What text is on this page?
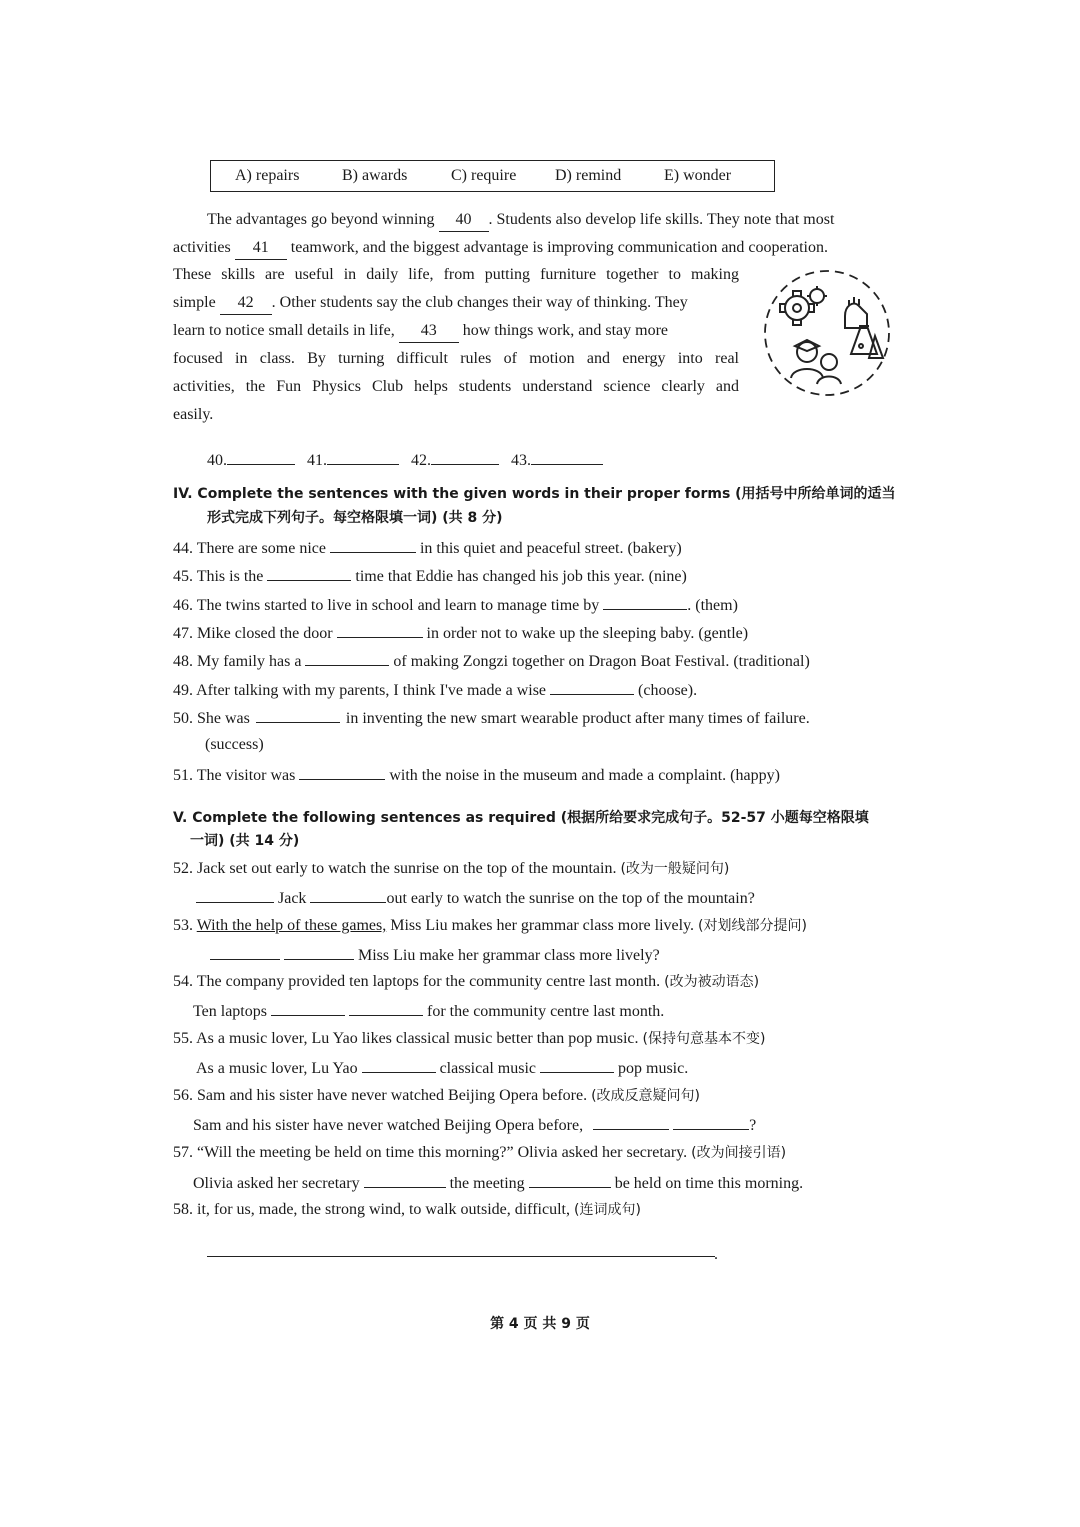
A) repairs	B) awards	C) require D) remind	E) wonder
The advantages go beyond winning 40 . Students also develop life skills. They note that most
activities 41 teamwork, and the biggest advantage is improving communication and cooperation.
These skills are useful in daily life, from putting furniture together to making
simple 42 . Other students say the club changes their way of thinking. They
learn to notice small details in life, 43 how things work, and stay more
focused in class. By turning difficult rules of motion and energy into real
activities, the Fun Physics Club helps students understand science clearly and
easily.
40.	41.	42.	43.
IV. Complete the sentences with the given words in their proper forms (用括号中所给单词的适当
形式完成下列句子。每空格限填一词) (共 8 分)
44. There are some nice	in this quiet and peaceful street. (bakery)
45. This is the	time that Eddie has changed his job this year. (nine)
46. The twins started to live in school and learn to manage time by	. (them)
47. Mike closed the door	in order not to wake up the sleeping baby. (gentle)
48. My family has a	of making Zongzi together on Dragon Boat Festival. (traditional)
49. After talking with my parents, I think I've made a wise	(choose).
50. She was	in inventing the new smart wearable product after many times of failure.
(success)
51. The visitor was	with the noise in the museum and made a complaint. (happy)
V. Complete the following sentences as required (根据所给要求完成句子。52-57 小题每空格限填
一词) (共 14 分)
52. Jack set out early to watch the sunrise on the top of the mountain. (改为一般疑问句)
Jack	out early to watch the sunrise on the top of the mountain?
53. With the help of these games, Miss Liu makes her grammar class more lively. (对划线部分提问)
Miss Liu make her grammar class more lively?
54. The company provided ten laptops for the community centre last month. (改为被动语态)
Ten laptops	for the community centre last month.
55. As a music lover, Lu Yao likes classical music better than pop music. (保持句意基本不变)
As a music lover, Lu Yao	classical music	pop music.
56. Sam and his sister have never watched Beijing Opera before. (改成反意疑问句)
Sam and his sister have never watched Beijing Opera before,	?
57. “Will the meeting be held on time this morning?” Olivia asked her secretary. (改为间接引语)
Olivia asked her secretary	the meeting	be held on time this morning.
58. it, for us, made, the strong wind, to walk outside, difficult, (连词成句)
.
第 4 页 共 9 页
